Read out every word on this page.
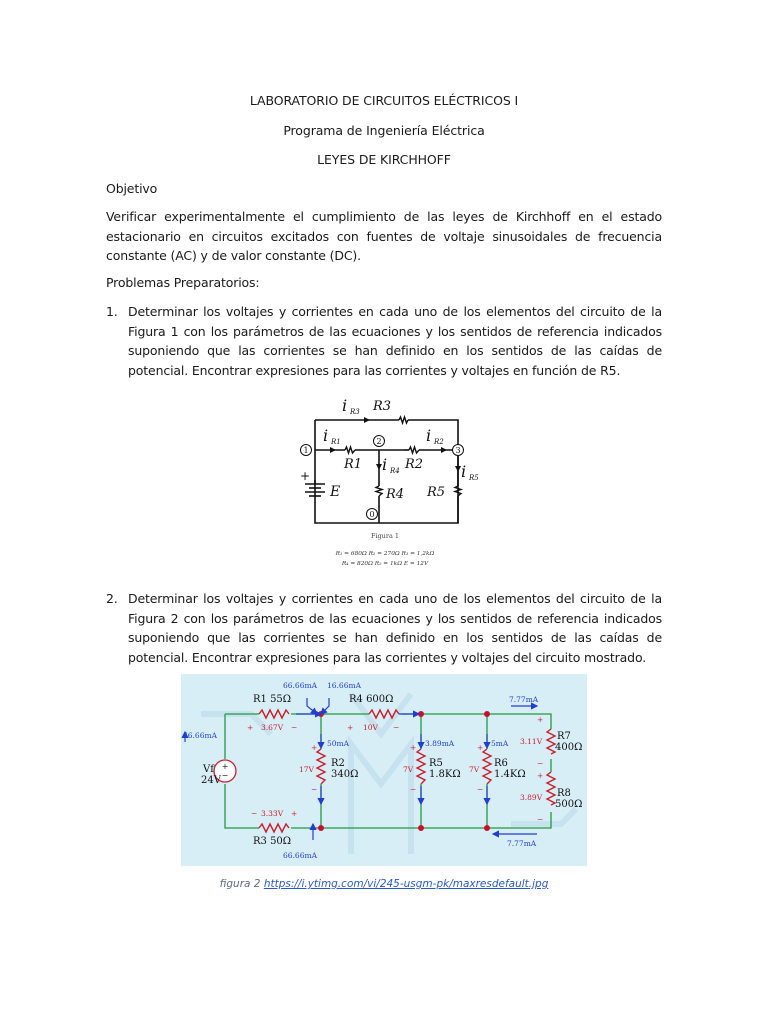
LABORATORIO DE CIRCUITOS ELÉCTRICOS I
Programa de Ingeniería Eléctrica
LEYES DE KIRCHHOFF
Objetivo
Verificar experimentalmente el cumplimiento de las leyes de Kirchhoff en el estado estacionario en circuitos excitados con fuentes de voltaje sinusoidales de frecuencia constante (AC) y de valor constante (DC).
Problemas Preparatorios:
1. Determinar los voltajes y corrientes en cada uno de los elementos del circuito de la Figura 1 con los parámetros de las ecuaciones y los sentidos de referencia indicados suponiendo que las corrientes se han definido en los sentidos de las caídas de potencial. Encontrar expresiones para las corrientes y voltajes en función de R5.
1
2
3
0
i R3 R3
i R1
R1
i R2
R2
i R4
R4
i R5
R5
E
+
Figura 1
R₁ = 680Ω R₂ = 270Ω R₃ = 1,2kΩ
R₄ = 820Ω R₅ = 1kΩ E = 12V
2. Determinar los voltajes y corrientes en cada uno de los elementos del circuito de la Figura 2 con los parámetros de las ecuaciones y los sentidos de referencia indicados suponiendo que las corrientes se han definido en los sentidos de las caídas de potencial. Encontrar expresiones para las corrientes y voltajes del circuito mostrado.
+
−
R1 55Ω	R4 600Ω
R3 50Ω
R2
340Ω
R5
1.8KΩ
R6
1.4KΩ
R7
400Ω
R8
500Ω
Vf
24V
66.66mA 16.66mA
66.66mA
66.66mA
7.77mA
7.77mA
50mA	3.89mA	5mA
+ 3.67V −	+ 10V −
− 3.33V +
+
17V
−
+
7V
−
+
7V
−
+
3.11V
−
+
3.89V
−
figura 2 https://i.ytimg.com/vi/245-usgm-pk/maxresdefault.jpg
